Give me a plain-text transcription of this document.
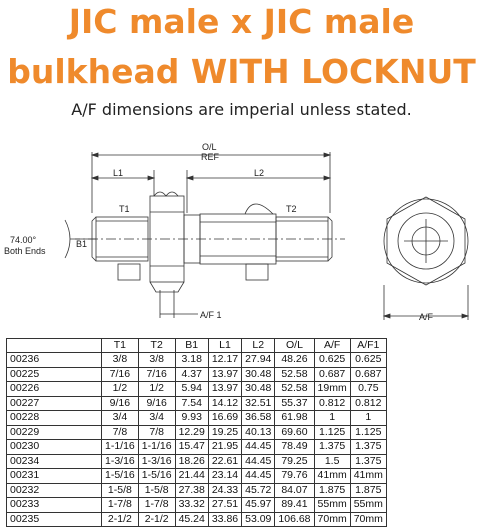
JIC male x JIC male
bulkhead WITH LOCKNUT
A/F dimensions are imperial unless stated.
O/L
REF
L1	L2
T1	T2
B1
74.00°
Both Ends
A/F 1	A/F
	T1	T2	B1	L1	L2	O/L	A/F	A/F1
00236	3/8	3/8	3.18	12.17	27.94	48.26	0.625	0.625
00225	7/16	7/16	4.37	13.97	30.48	52.58	0.687	0.687
00226	1/2	1/2	5.94	13.97	30.48	52.58	19mm	0.75
00227	9/16	9/16	7.54	14.12	32.51	55.37	0.812	0.812
00228	3/4	3/4	9.93	16.69	36.58	61.98	1	1
00229	7/8	7/8	12.29	19.25	40.13	69.60	1.125	1.125
00230	1-1/16	1-1/16	15.47	21.95	44.45	78.49	1.375	1.375
00234	1-3/16	1-3/16	18.26	22.61	44.45	79.25	1.5	1.375
00231	1-5/16	1-5/16	21.44	23.14	44.45	79.76	41mm	41mm
00232	1-5/8	1-5/8	27.38	24.33	45.72	84.07	1.875	1.875
00233	1-7/8	1-7/8	33.32	27.51	45.97	89.41	55mm	55mm
00235	2-1/2	2-1/2	45.24	33.86	53.09	106.68	70mm	70mm
